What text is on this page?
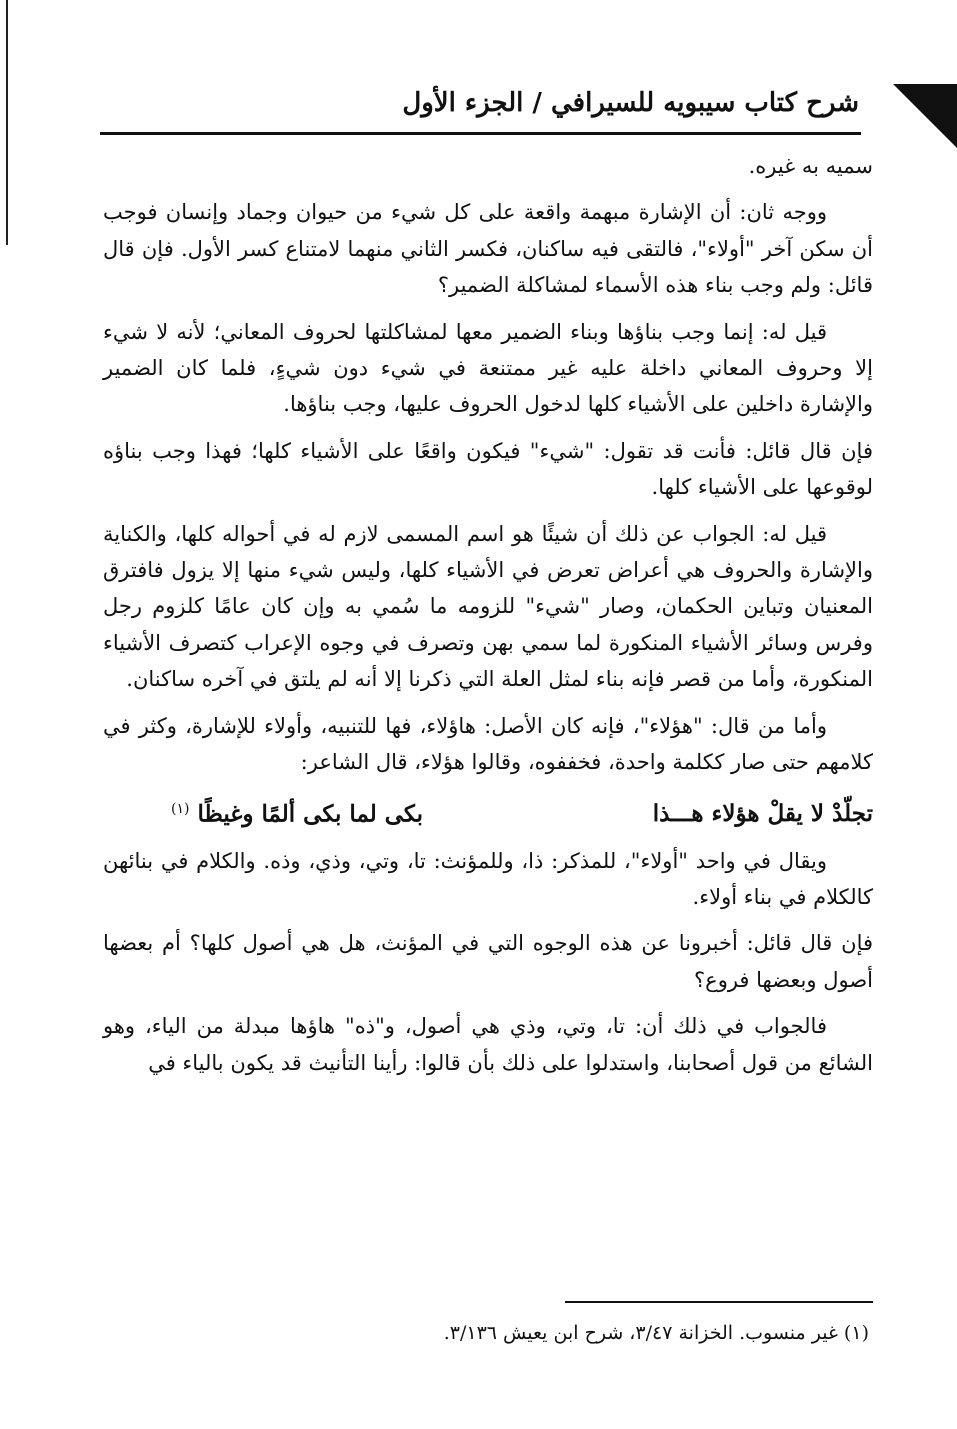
شرح كتاب سيبويه للسيرافي / الجزء الأول

سميه به غيره.

ووجه ثان: أن الإشارة مبهمة واقعة على كل شيء من حيوان وجماد وإنسان فوجب أن سكن آخر "أولاء"، فالتقى فيه ساكنان، فكسر الثاني منهما لامتناع كسر الأول. فإن قال قائل: ولم وجب بناء هذه الأسماء لمشاكلة الضمير؟

قيل له: إنما وجب بناؤها وبناء الضمير معها لمشاكلتها لحروف المعاني؛ لأنه لا شيء إلا وحروف المعاني داخلة عليه غير ممتنعة في شيء دون شيءٍ، فلما كان الضمير والإشارة داخلين على الأشياء كلها لدخول الحروف عليها، وجب بناؤها.

فإن قال قائل: فأنت قد تقول: "شيء" فيكون واقعًا على الأشياء كلها؛ فهذا وجب بناؤه لوقوعها على الأشياء كلها.

قيل له: الجواب عن ذلك أن شيئًا هو اسم المسمى لازم له في أحواله كلها، والكناية والإشارة والحروف هي أعراض تعرض في الأشياء كلها، وليس شيء منها إلا يزول فافترق المعنيان وتباين الحكمان، وصار "شيء" للزومه ما سُمي به وإن كان عامًا كلزوم رجل وفرس وسائر الأشياء المنكورة لما سمي بهن وتصرف في وجوه الإعراب كتصرف الأشياء المنكورة، وأما من قصر فإنه بناء لمثل العلة التي ذكرنا إلا أنه لم يلتق في آخره ساكنان.

وأما من قال: "هؤلاء"، فإنه كان الأصل: هاؤلاء، فها للتنبيه، وأولاء للإشارة، وكثر في كلامهم حتى صار ككلمة واحدة، فخففوه، وقالوا هؤلاء، قال الشاعر:

تجلّدْ لا يقلْ هؤلاء هـــذا
بكى لما بكى ألمًا وغيظًا $^{(١)}$

ويقال في واحد "أولاء"، للمذكر: ذا، وللمؤنث: تا، وتي، وذي، وذه. والكلام في بنائهن كالكلام في بناء أولاء.

فإن قال قائل: أخبرونا عن هذه الوجوه التي في المؤنث، هل هي أصول كلها؟ أم بعضها أصول وبعضها فروع؟

فالجواب في ذلك أن: تا، وتي، وذي هي أصول، و"ذه" هاؤها مبدلة من الياء، وهو الشائع من قول أصحابنا، واستدلوا على ذلك بأن قالوا: رأينا التأنيث قد يكون بالياء في

(١) غير منسوب. الخزانة ٣/٤٧، شرح ابن يعيش ٣/١٣٦.
